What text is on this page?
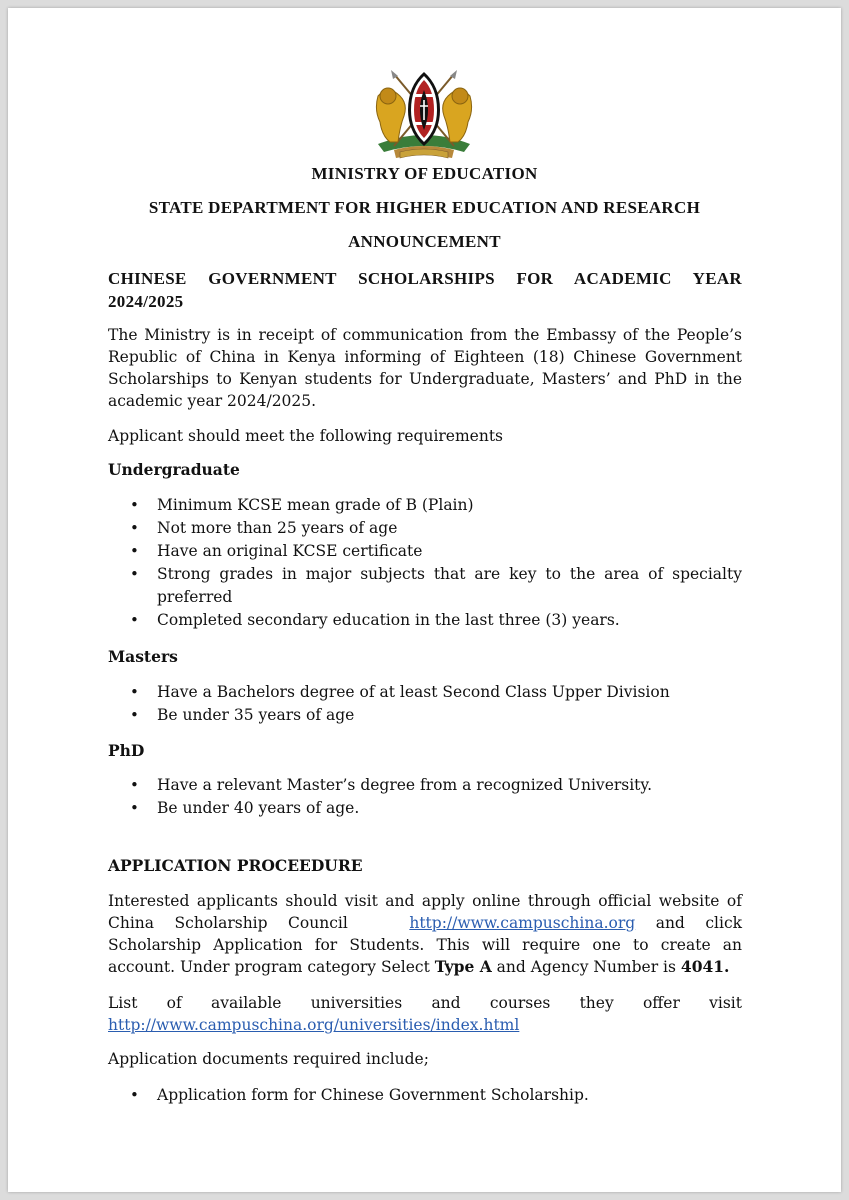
MINISTRY OF EDUCATION
STATE DEPARTMENT FOR HIGHER EDUCATION AND RESEARCH
ANNOUNCEMENT
CHINESE GOVERNMENT SCHOLARSHIPS FOR ACADEMIC YEAR
2024/2025
The Ministry is in receipt of communication from the Embassy of the People’s
Republic of China in Kenya informing of Eighteen (18) Chinese Government
Scholarships to Kenyan students for Undergraduate, Masters’ and PhD in the
academic year 2024/2025.
Applicant should meet the following requirements
Undergraduate
• Minimum KCSE mean grade of B (Plain)
• Not more than 25 years of age
• Have an original KCSE certificate
• Strong grades in major subjects that are key to the area of specialty
preferred
• Completed secondary education in the last three (3) years.
Masters
• Have a Bachelors degree of at least Second Class Upper Division
• Be under 35 years of age
PhD
• Have a relevant Master’s degree from a recognized University.
• Be under 40 years of age.
APPLICATION PROCEEDURE
Interested applicants should visit and apply online through official website of
China Scholarship Council	http://www.campuschina.org and click
Scholarship Application for Students. This will require one to create an
account. Under program category Select Type A and Agency Number is 4041.
List of available universities and courses they offer visit
http://www.campuschina.org/universities/index.html
Application documents required include;
• Application form for Chinese Government Scholarship.
